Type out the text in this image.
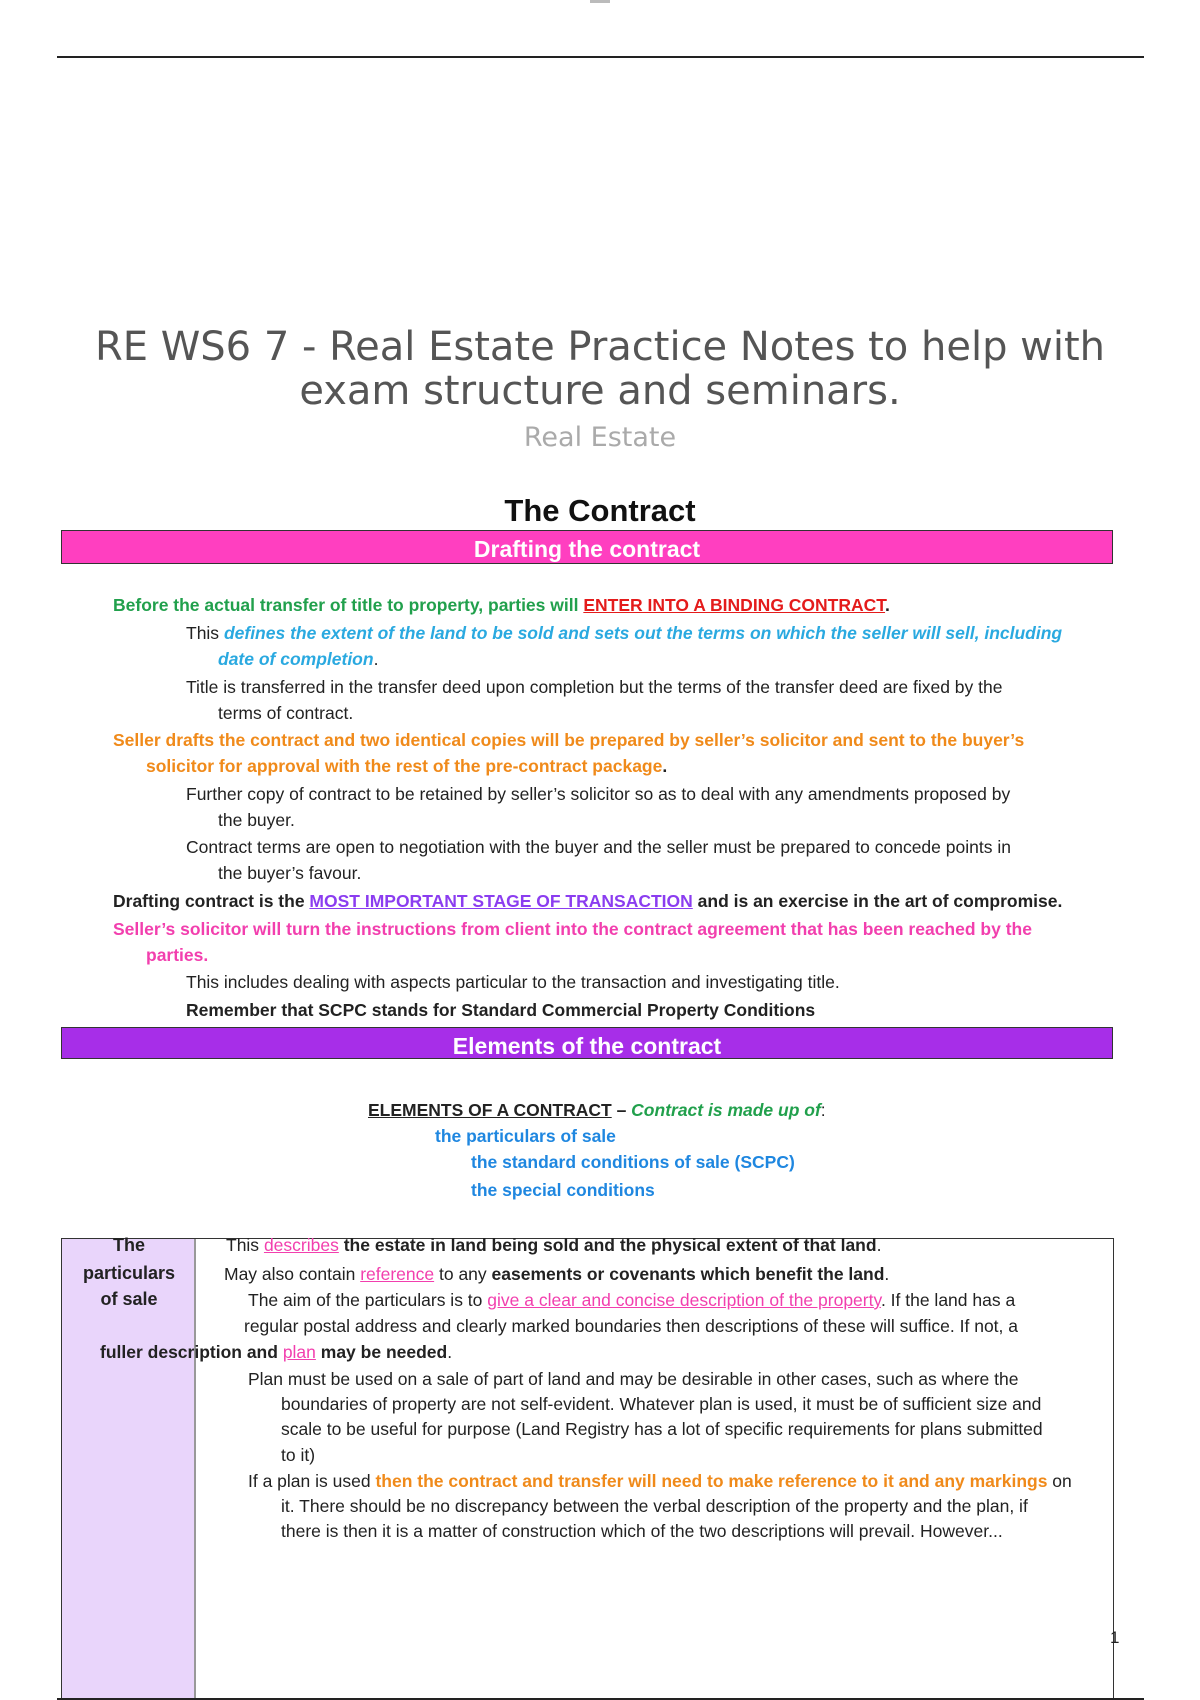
RE WS6 7 - Real Estate Practice Notes to help with
exam structure and seminars.
Real Estate
The Contract
Drafting the contract
Before the actual transfer of title to property, parties will ENTER INTO A BINDING CONTRACT.
This defines the extent of the land to be sold and sets out the terms on which the seller will sell, including
date of completion.
Title is transferred in the transfer deed upon completion but the terms of the transfer deed are fixed by the
terms of contract.
Seller drafts the contract and two identical copies will be prepared by seller’s solicitor and sent to the buyer’s
solicitor for approval with the rest of the pre-contract package.
Further copy of contract to be retained by seller’s solicitor so as to deal with any amendments proposed by
the buyer.
Contract terms are open to negotiation with the buyer and the seller must be prepared to concede points in
the buyer’s favour.
Drafting contract is the MOST IMPORTANT STAGE OF TRANSACTION and is an exercise in the art of compromise.
Seller’s solicitor will turn the instructions from client into the contract agreement that has been reached by the
parties.
This includes dealing with aspects particular to the transaction and investigating title.
Remember that SCPC stands for Standard Commercial Property Conditions
Elements of the contract
ELEMENTS OF A CONTRACT – Contract is made up of:
the particulars of sale
the standard conditions of sale (SCPC)
the special conditions
The
particulars
of sale
This describes the estate in land being sold and the physical extent of that land.
May also contain reference to any easements or covenants which benefit the land.
The aim of the particulars is to give a clear and concise description of the property. If the land has a
regular postal address and clearly marked boundaries then descriptions of these will suffice. If not, a
fuller description and plan may be needed.
Plan must be used on a sale of part of land and may be desirable in other cases, such as where the
boundaries of property are not self-evident. Whatever plan is used, it must be of sufficient size and
scale to be useful for purpose (Land Registry has a lot of specific requirements for plans submitted
to it)
If a plan is used then the contract and transfer will need to make reference to it and any markings on
it. There should be no discrepancy between the verbal description of the property and the plan, if
there is then it is a matter of construction which of the two descriptions will prevail. However...
1
